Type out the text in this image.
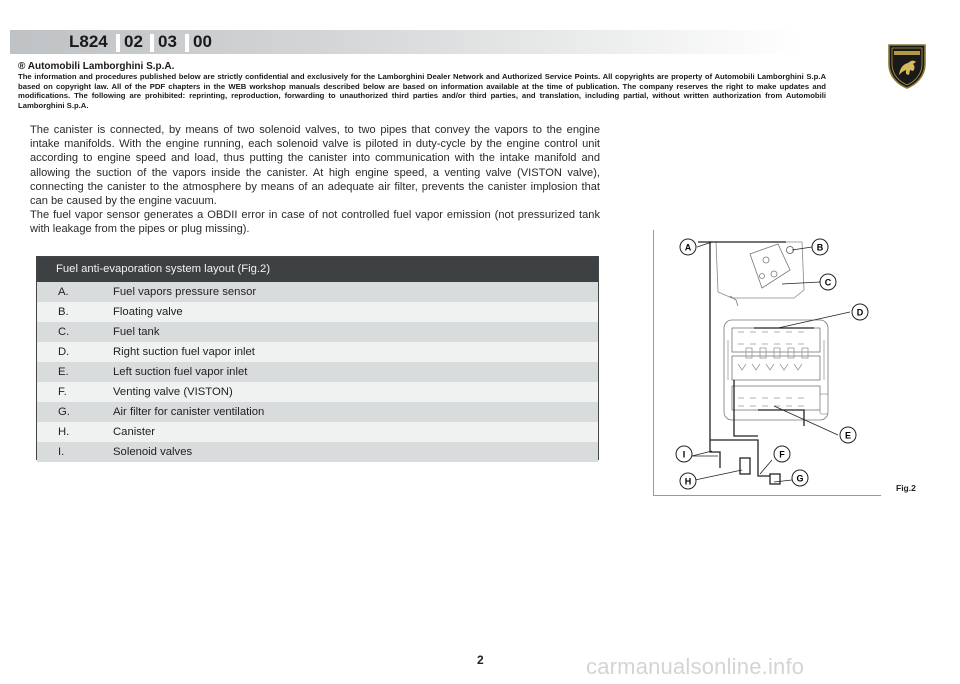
L824 02 03 00
® Automobili Lamborghini S.p.A.
The information and procedures published below are strictly confidential and exclusively for the Lamborghini Dealer Network and Authorized Service Points. All copyrights are property of Automobili Lamborghini S.p.A based on copyright law. All of the PDF chapters in the WEB workshop manuals described below are based on information available at the time of publication. The company reserves the right to make updates and modifications. The following are prohibited: reprinting, reproduction, forwarding to unauthorized third parties and/or third parties, and translation, including partial, without written authorization from Automobili Lamborghini S.p.A.

The canister is connected, by means of two solenoid valves, to two pipes that convey the vapors to the engine intake manifolds. With the engine running, each solenoid valve is piloted in duty-cycle by the engine control unit according to engine speed and load, thus putting the canister into communication with the intake manifold and allowing the suction of the vapors inside the canister. At high engine speed, a venting valve (VISTON valve), connecting the canister to the atmosphere by means of an adequate air filter, prevents the canister implosion that can be caused by the engine vacuum.

The fuel vapor sensor generates a OBDII error in case of not controlled fuel vapor emission (not pressurized tank with leakage from the pipes or plug missing).

Fuel anti-evaporation system layout (Fig.2)
A.	Fuel vapors pressure sensor
B.	Floating valve
C.	Fuel tank
D.	Right suction fuel vapor inlet
E.	Left suction fuel vapor inlet
F.	Venting valve (VISTON)
G.	Air filter for canister ventilation
H.	Canister
I.	Solenoid valves
A	B
C
D
E
F
G
H
I
Fig.2
2	carmanualsonline.info
